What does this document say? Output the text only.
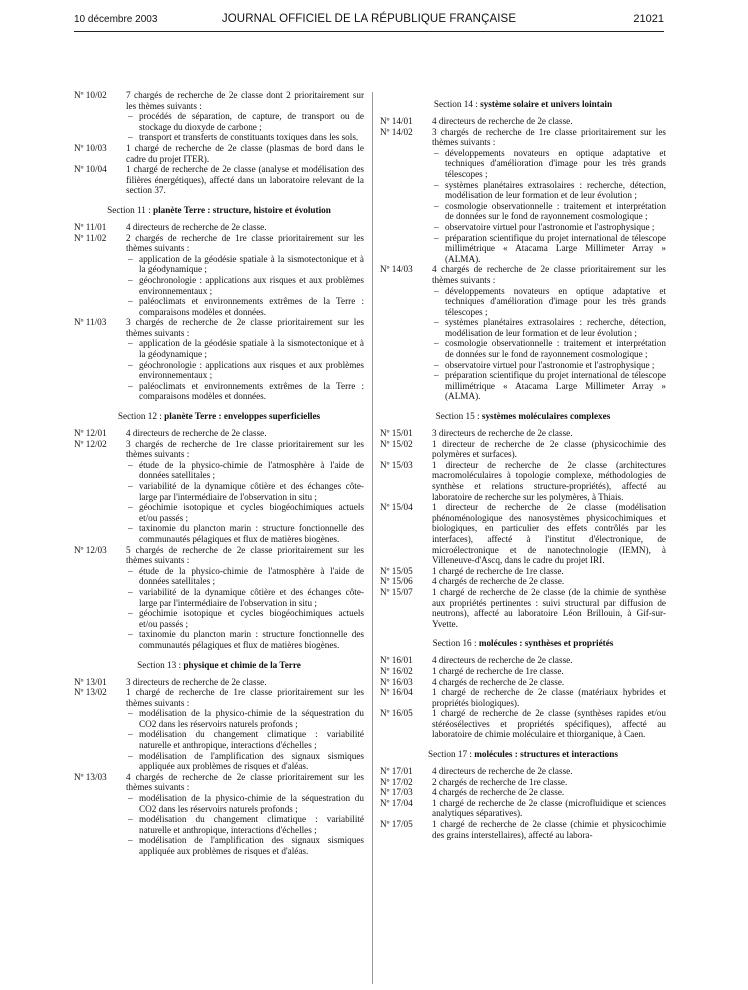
10 décembre 2003	JOURNAL OFFICIEL DE LA RÉPUBLIQUE FRANÇAISE	21021
Nº 10/02	7 chargés de recherche de 2e classe dont 2 prioritairement sur les thèmes suivants :
– procédés de séparation, de capture, de transport ou de stockage du dioxyde de carbone ;
– transport et transferts de constituants toxiques dans les sols.
Nº 10/03	1 chargé de recherche de 2e classe (plasmas de bord dans le cadre du projet ITER).
Nº 10/04	1 chargé de recherche de 2e classe (analyse et modélisation des filières énergétiques), affecté dans un laboratoire relevant de la section 37.
Section 11 : planète Terre : structure, histoire et évolution
Nº 11/01	4 directeurs de recherche de 2e classe.
Nº 11/02	2 chargés de recherche de 1re classe prioritairement sur les thèmes suivants :
– application de la géodésie spatiale à la sismotectonique et à la géodynamique ;
– géochronologie : applications aux risques et aux problèmes environnementaux ;
– paléoclimats et environnements extrêmes de la Terre : comparaisons modèles et données.
Nº 11/03	3 chargés de recherche de 2e classe prioritairement sur les thèmes suivants :
– application de la géodésie spatiale à la sismotectonique et à la géodynamique ;
– géochronologie : applications aux risques et aux problèmes environnementaux ;
– paléoclimats et environnements extrêmes de la Terre : comparaisons modèles et données.
Section 12 : planète Terre : enveloppes superficielles
Nº 12/01	4 directeurs de recherche de 2e classe.
Nº 12/02	3 chargés de recherche de 1re classe prioritairement sur les thèmes suivants :
– étude de la physico-chimie de l'atmosphère à l'aide de données satellitales ;
– variabilité de la dynamique côtière et des échanges côte-large par l'intermédiaire de l'observation in situ ;
– géochimie isotopique et cycles biogéochimiques actuels et/ou passés ;
– taxinomie du plancton marin : structure fonctionnelle des communautés pélagiques et flux de matières biogènes.
Nº 12/03	5 chargés de recherche de 2e classe prioritairement sur les thèmes suivants :
– étude de la physico-chimie de l'atmosphère à l'aide de données satellitales ;
– variabilité de la dynamique côtière et des échanges côte-large par l'intermédiaire de l'observation in situ ;
– géochimie isotopique et cycles biogéochimiques actuels et/ou passés ;
– taxinomie du plancton marin : structure fonctionnelle des communautés pélagiques et flux de matières biogènes.
Section 13 : physique et chimie de la Terre
Nº 13/01	3 directeurs de recherche de 2e classe.
Nº 13/02	1 chargé de recherche de 1re classe prioritairement sur les thèmes suivants :
– modélisation de la physico-chimie de la séquestration du CO2 dans les réservoirs naturels profonds ;
– modélisation du changement climatique : variabilité naturelle et anthropique, interactions d'échelles ;
– modélisation de l'amplification des signaux sismiques appliquée aux problèmes de risques et d'aléas.
Nº 13/03	4 chargés de recherche de 2e classe prioritairement sur les thèmes suivants :
– modélisation de la physico-chimie de la séquestration du CO2 dans les réservoirs naturels profonds ;
– modélisation du changement climatique : variabilité naturelle et anthropique, interactions d'échelles ;
– modélisation de l'amplification des signaux sismiques appliquée aux problèmes de risques et d'aléas.
Section 14 : système solaire et univers lointain
Nº 14/01	4 directeurs de recherche de 2e classe.
Nº 14/02	3 chargés de recherche de 1re classe prioritairement sur les thèmes suivants :
– développements novateurs en optique adaptative et techniques d'amélioration d'image pour les très grands télescopes ;
– systèmes planétaires extrasolaires : recherche, détection, modélisation de leur formation et de leur évolution ;
– cosmologie observationnelle : traitement et interprétation de données sur le fond de rayonnement cosmologique ;
– observatoire virtuel pour l'astronomie et l'astrophysique ;
– préparation scientifique du projet international de télescope millimétrique « Atacama Large Millimeter Array » (ALMA).
Nº 14/03	4 chargés de recherche de 2e classe prioritairement sur les thèmes suivants :
– développements novateurs en optique adaptative et techniques d'amélioration d'image pour les très grands télescopes ;
– systèmes planétaires extrasolaires : recherche, détection, modélisation de leur formation et de leur évolution ;
– cosmologie observationnelle : traitement et interprétation de données sur le fond de rayonnement cosmologique ;
– observatoire virtuel pour l'astronomie et l'astrophysique ;
– préparation scientifique du projet international de télescope millimétrique « Atacama Large Millimeter Array » (ALMA).
Section 15 : systèmes moléculaires complexes
Nº 15/01	3 directeurs de recherche de 2e classe.
Nº 15/02	1 directeur de recherche de 2e classe (physicochimie des polymères et surfaces).
Nº 15/03	1 directeur de recherche de 2e classe (architectures macromoléculaires à topologie complexe, méthodologies de synthèse et relations structure-propriétés), affecté au laboratoire de recherche sur les polymères, à Thiais.
Nº 15/04	1 directeur de recherche de 2e classe (modélisation phénoménologique des nanosystèmes physicochimiques et biologiques, en particulier des effets contrôlés par les interfaces), affecté à l'institut d'électronique, de microélectronique et de nanotechnologie (IEMN), à Villeneuve-d'Ascq, dans le cadre du projet IRI.
Nº 15/05	1 chargé de recherche de 1re classe.
Nº 15/06	4 chargés de recherche de 2e classe.
Nº 15/07	1 chargé de recherche de 2e classe (de la chimie de synthèse aux propriétés pertinentes : suivi structural par diffusion de neutrons), affecté au laboratoire Léon Brillouin, à Gif-sur-Yvette.
Section 16 : molécules : synthèses et propriétés
Nº 16/01	4 directeurs de recherche de 2e classe.
Nº 16/02	1 chargé de recherche de 1re classe.
Nº 16/03	4 chargés de recherche de 2e classe.
Nº 16/04	1 chargé de recherche de 2e classe (matériaux hybrides et propriétés biologiques).
Nº 16/05	1 chargé de recherche de 2e classe (synthèses rapides et/ou stéréosélectives et propriétés spécifiques), affecté au laboratoire de chimie moléculaire et thiorganique, à Caen.
Section 17 : molécules : structures et interactions
Nº 17/01	4 directeurs de recherche de 2e classe.
Nº 17/02	2 chargés de recherche de 1re classe.
Nº 17/03	4 chargés de recherche de 2e classe.
Nº 17/04	1 chargé de recherche de 2e classe (microfluidique et sciences analytiques séparatives).
Nº 17/05	1 chargé de recherche de 2e classe (chimie et physicochimie des grains interstellaires), affecté au labora-
